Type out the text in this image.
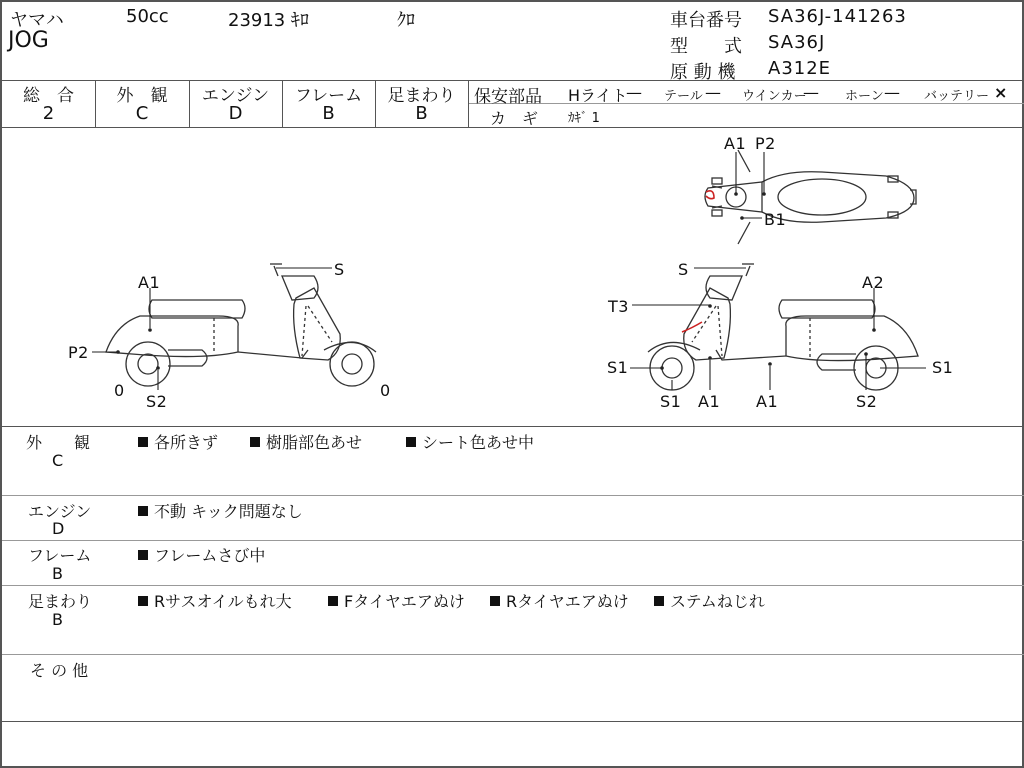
ヤマハ	50cc	23913 ｷﾛ	ｸﾛ
JOG
車台番号 SA36J-141263
型　　式 SA36J
原 動 機 A312E
総　合
2
外　観
C
エンジン
D
フレーム
B
足まわり
B
保安部品 Hライト
— テール — ウインカー
— ホーン — バッテリー ×
カ　ギ ｶｷﾞ 1
S
A1
P2
0
S2
0
S
A2
T3
S1	S1
S1 A1 A1	S2
A1 P2
B1
外　　観
C
各所きず	樹脂部色あせ	シート色あせ中
エンジン
D
不動 キック問題なし
フレーム
B
フレームさび中
足まわり
B
Rサスオイルもれ大	Fタイヤエアぬけ	Rタイヤエアぬけ	ステムねじれ
そ の 他
